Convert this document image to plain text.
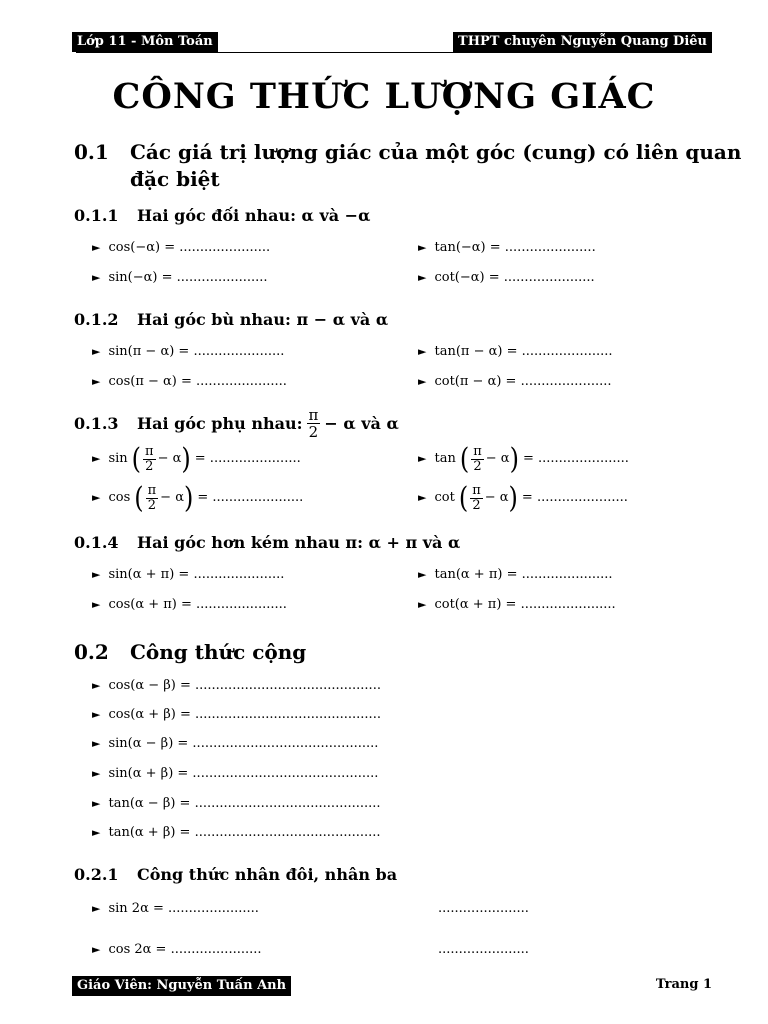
Lớp 11 - Môn Toán	THPT chuyên Nguyễn Quang Diêu
CÔNG THỨC LƯỢNG GIÁC
0.1 Các giá trị lượng giác của một góc (cung) có liên quan
đặc biệt
0.1.1 Hai góc đối nhau: α và −α
► cos(−α) = ......................	► tan(−α) = ......................
► sin(−α) = ......................	► cot(−α) = ......................
0.1.2 Hai góc bù nhau: π − α và α
► sin(π − α) = ......................	► tan(π − α) = ......................
► cos(π − α) = ......................	► cot(π − α) = ......................
0.1.3 Hai góc phụ nhau: $\frac{\pi}{2} - \alpha$ và α
► sin ( $\frac{\pi}{2} - \alpha$ ) = ......................	► tan ( $\frac{\pi}{2} - \alpha$ ) = ......................
► cos ( $\frac{\pi}{2} - \alpha$ ) = ......................	► cot ( $\frac{\pi}{2} - \alpha$ ) = ......................
0.1.4 Hai góc hơn kém nhau π: α + π và α
► sin(α + π) = ......................	► tan(α + π) = ......................
► cos(α + π) = ......................	► cot(α + π) = .......................
0.2 Công thức cộng
► cos(α − β) = .............................................
► cos(α + β) = .............................................
► sin(α − β) = .............................................
► sin(α + β) = .............................................
► tan(α − β) = .............................................
► tan(α + β) = .............................................
0.2.1 Công thức nhân đôi, nhân ba
► sin 2α = ......................	......................
► cos 2α = ......................	......................
Giáo Viên: Nguyễn Tuấn Anh	Trang 1
